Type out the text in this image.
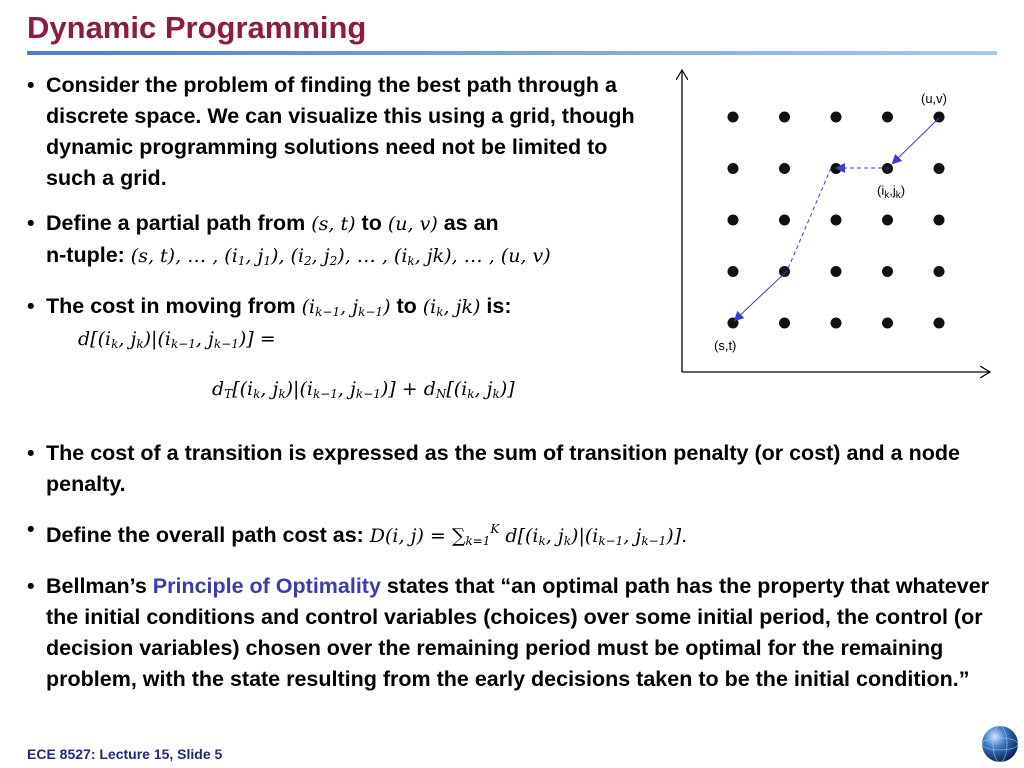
Dynamic Programming
• Consider the problem of finding the best path through a discrete space. We can visualize this using a grid, though dynamic programming solutions need not be limited to such a grid.
• Define a partial path from (s, t) to (u, v) as an
n-tuple: (s, t), … , ($i_1$, $j_1$), ($i_2$, $j_2$), … , ($i_k$, jk), … , (u, v)
• The cost in moving from ($i_{k-1}$, $j_{k-1}$) to ($i_k$, jk) is:
• The cost of a transition is expressed as the sum of transition penalty (or cost) and a node penalty.
• Define the overall path cost as: D(i, $j) = \sum_{k=1}^K$ $d[(i_k$, $j_k)|(i_{k-1}$, $j_{k-1}$)].
• Bellman’s Principle of Optimality states that “an optimal path has the property that whatever the initial conditions and control variables (choices) over some initial period, the control (or decision variables) chosen over the remaining period must be optimal for the remaining problem, with the state resulting from the early decisions taken to be the initial condition.”
$d[(i_k$, $j_k)|(i_{k-1}$, $j_{k-1}$)] =
$d_T[(i_k$, $j_k)|(i_{k-1}$, $j_{k-1})] + d_N[(i_k$, $j_k$)]
(u,v)
$(i_k,j_k)$
(s,t)
ECE 8527: Lecture 15, Slide 5
